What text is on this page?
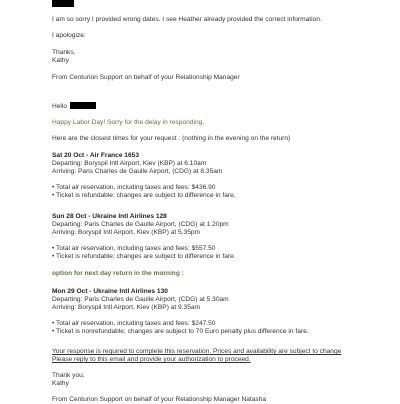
I am so sorry I provided wrong dates. I see Heather already provided the correct information.
I apologize.
Thanks,
Kathy
From Centurion Support on behalf of your Relationship Manager
Hello
Happy Labor Day! Sorry for the delay in responding.
Here are the closest times for your request : (nothing in the evening on the return)
Sat 20 Oct - Air France 1653
Departing: Boryspil Intl Airport, Kiev (KBP) at 6.10am
Arriving: Paris Charles de Gaulle Airport, (CDG) at 8.35am
• Total air reservation, including taxes and fees: $436.90
• Ticket is refundable; changes are subject to difference in fare.
Sun 28 Oct - Ukraine Intl Airlines 128
Departing: Paris Charles de Gaulle Airport, (CDG) at 1.20pm
Arriving: Boryspil Intl Airport, Kiev (KBP) at 5.35pm
• Total air reservation, including taxes and fees: $557.50
• Ticket is refundable; changes are subject to difference in fare.
option for next day return in the morning :
Mon 29 Oct - Ukraine Intl Airlines 130
Departing: Paris Charles de Gaulle Airport, (CDG) at 5.30am
Arriving: Boryspil Intl Airport, Kiev (KBP) at 9.35am
• Total air reservation, including taxes and fees: $247.50
• Ticket is nonrefundable; changes are subject to 70 Euro penalty plus difference in fare.
Your response is required to complete this reservation. Prices and availability are subject to change
Please reply to this email and provide your authorization to proceed.
Thank you,
Kathy
From Centurion Support on behalf of your Relationship Manager Natasha
